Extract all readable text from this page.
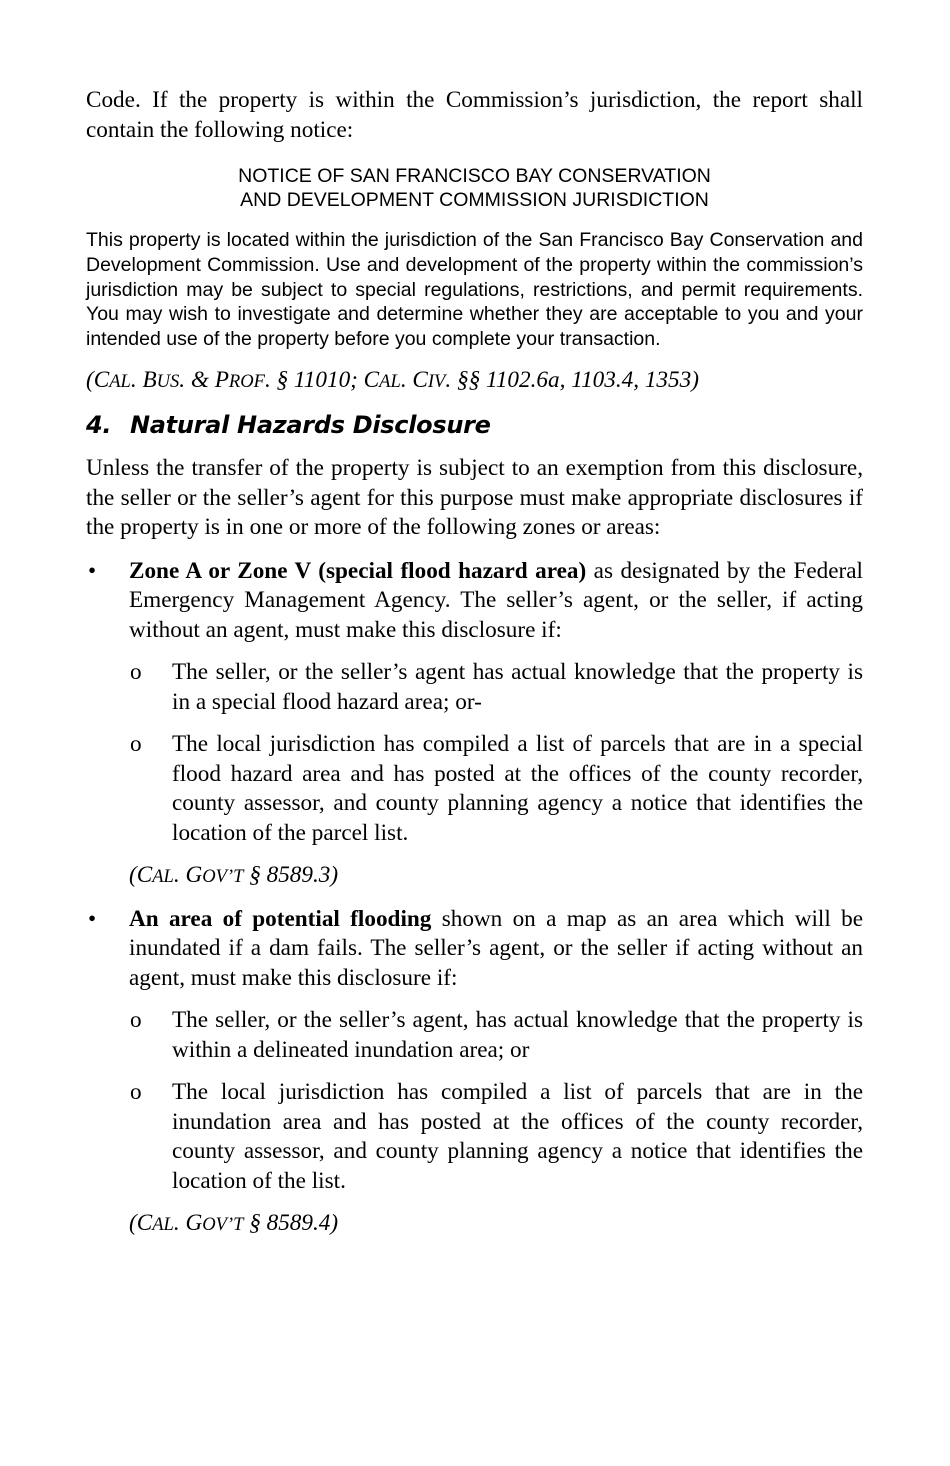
Code. If the property is within the Commission’s jurisdiction, the report shall contain the following notice:

NOTICE OF SAN FRANCISCO BAY CONSERVATION
AND DEVELOPMENT COMMISSION JURISDICTION

This property is located within the jurisdiction of the San Francisco Bay Conservation and Development Commission. Use and development of the property within the commission’s jurisdiction may be subject to special regulations, restrictions, and permit requirements. You may wish to investigate and determine whether they are acceptable to you and your intended use of the property before you complete your transaction.

(CAL. BUS. & PROF. § 11010; CAL. CIV. §§ 1102.6a, 1103.4, 1353)

4. Natural Hazards Disclosure

Unless the transfer of the property is subject to an exemption from this disclosure, the seller or the seller’s agent for this purpose must make appropriate disclosures if the property is in one or more of the following zones or areas:

• Zone A or Zone V (special flood hazard area) as designated by the Federal Emergency Management Agency. The seller’s agent, or the seller, if acting without an agent, must make this disclosure if:

o The seller, or the seller’s agent has actual knowledge that the property is in a special flood hazard area; or-

o The local jurisdiction has compiled a list of parcels that are in a special flood hazard area and has posted at the offices of the county recorder, county assessor, and county planning agency a notice that identifies the location of the parcel list.

(CAL. GOV’T § 8589.3)

• An area of potential flooding shown on a map as an area which will be inundated if a dam fails. The seller’s agent, or the seller if acting without an agent, must make this disclosure if:

o The seller, or the seller’s agent, has actual knowledge that the property is within a delineated inundation area; or

o The local jurisdiction has compiled a list of parcels that are in the inundation area and has posted at the offices of the county recorder, county assessor, and county planning agency a notice that identifies the location of the list.

(CAL. GOV’T § 8589.4)
